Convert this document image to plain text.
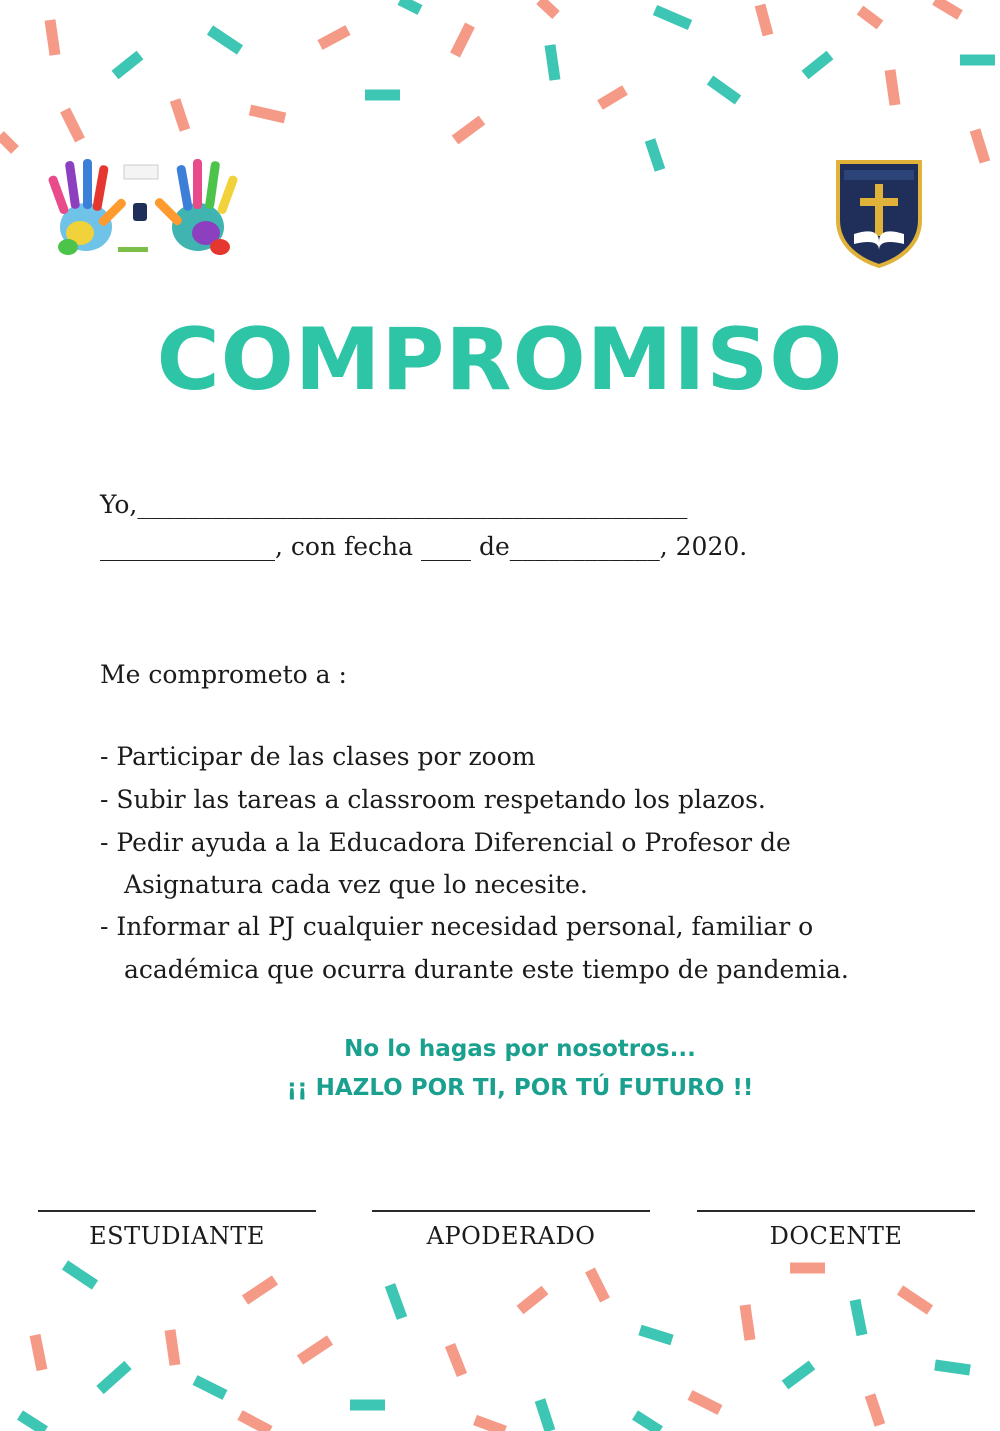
COMPROMISO
Yo,____________________________________________
______________, con fecha ____ de____________, 2020.
Me comprometo a :
- Participar de las clases por zoom
- Subir las tareas a classroom respetando los plazos.
- Pedir ayuda a la Educadora Diferencial o Profesor de
Asignatura cada vez que lo necesite.
- Informar al PJ cualquier necesidad personal, familiar o
académica que ocurra durante este tiempo de pandemia.
No lo hagas por nosotros...
¡¡ HAZLO POR TI, POR TÚ FUTURO !!
ESTUDIANTE	APODERADO	DOCENTE
